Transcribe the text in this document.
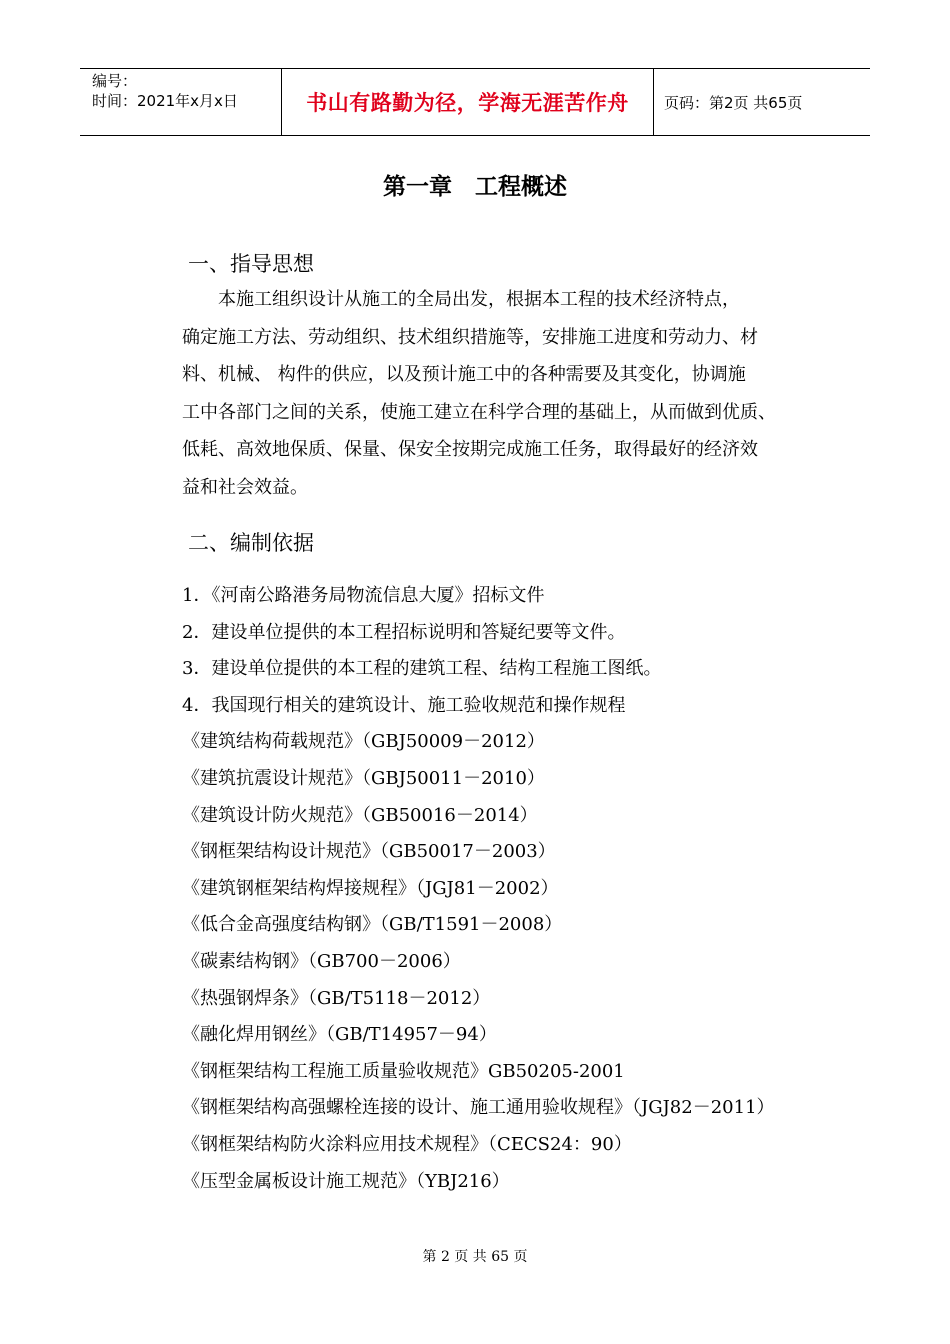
编号：
时间：2021年x月x日	书山有路勤为径，学海无涯苦作舟	页码：第2页 共65页
第一章　工程概述
一、指导思想
　　本施工组织设计从施工的全局出发，根据本工程的技术经济特点，
确定施工方法、劳动组织、技术组织措施等，安排施工进度和劳动力、材
料、机械、 构件的供应，以及预计施工中的各种需要及其变化，协调施
工中各部门之间的关系，使施工建立在科学合理的基础上，从而做到优质、
低耗、高效地保质、保量、保安全按期完成施工任务，取得最好的经济效
益和社会效益。
二、编制依据
1．《河南公路港务局物流信息大厦》招标文件
2．建设单位提供的本工程招标说明和答疑纪要等文件。
3．建设单位提供的本工程的建筑工程、结构工程施工图纸。
4．我国现行相关的建筑设计、施工验收规范和操作规程
《建筑结构荷载规范》（GBJ50009－2012）
《建筑抗震设计规范》（GBJ50011－2010）
《建筑设计防火规范》（GB50016－2014）
《钢框架结构设计规范》（GB50017－2003）
《建筑钢框架结构焊接规程》（JGJ81－2002）
《低合金高强度结构钢》（GB/T1591－2008）
《碳素结构钢》（GB700－2006）
《热强钢焊条》（GB/T5118－2012）
《融化焊用钢丝》（GB/T14957－94）
《钢框架结构工程施工质量验收规范》GB50205-2001
《钢框架结构高强螺栓连接的设计、施工通用验收规程》（JGJ82－2011）
《钢框架结构防火涂料应用技术规程》（CECS24：90）
《压型金属板设计施工规范》（YBJ216）
第 2 页 共 65 页
